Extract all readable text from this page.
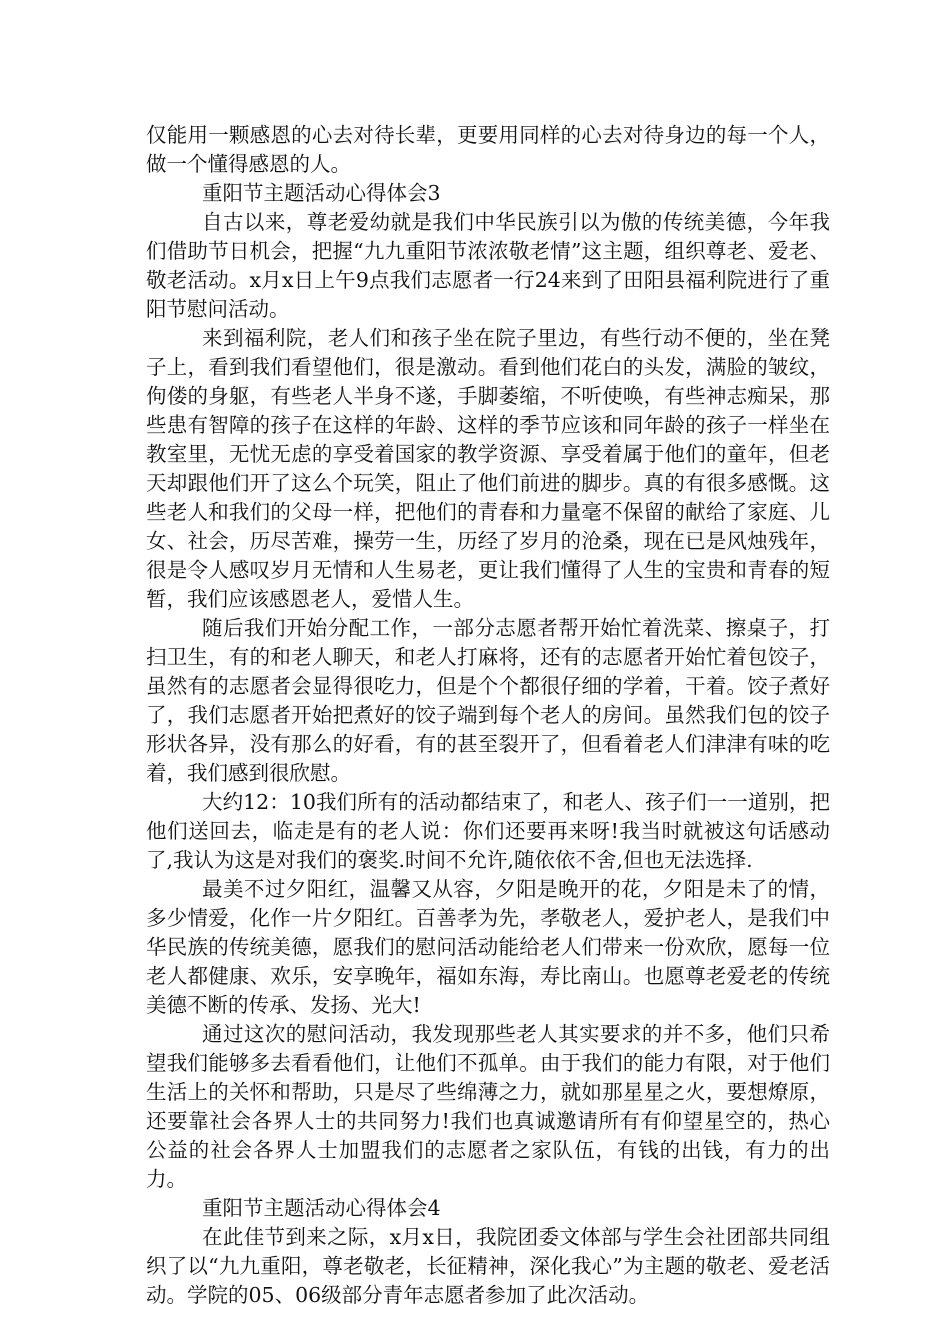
仅能用一颗感恩的心去对待长辈，更要用同样的心去对待身边的每一个人，做一个懂得感恩的人。

重阳节主题活动心得体会3

自古以来，尊老爱幼就是我们中华民族引以为傲的传统美德，今年我们借助节日机会，把握“九九重阳节浓浓敬老情”这主题，组织尊老、爱老、敬老活动。x月x日上午9点我们志愿者一行24来到了田阳县福利院进行了重阳节慰问活动。

来到福利院，老人们和孩子坐在院子里边，有些行动不便的，坐在凳子上，看到我们看望他们，很是激动。看到他们花白的头发，满脸的皱纹，佝偻的身躯，有些老人半身不遂，手脚萎缩，不听使唤，有些神志痴呆，那些患有智障的孩子在这样的年龄、这样的季节应该和同年龄的孩子一样坐在教室里，无忧无虑的享受着国家的教学资源、享受着属于他们的童年，但老天却跟他们开了这么个玩笑，阻止了他们前进的脚步。真的有很多感慨。这些老人和我们的父母一样，把他们的青春和力量毫不保留的献给了家庭、儿女、社会，历尽苦难，操劳一生，历经了岁月的沧桑，现在已是风烛残年，很是令人感叹岁月无情和人生易老，更让我们懂得了人生的宝贵和青春的短暂，我们应该感恩老人，爱惜人生。

随后我们开始分配工作，一部分志愿者帮开始忙着洗菜、擦桌子，打扫卫生，有的和老人聊天，和老人打麻将，还有的志愿者开始忙着包饺子，虽然有的志愿者会显得很吃力，但是个个都很仔细的学着，干着。饺子煮好了，我们志愿者开始把煮好的饺子端到每个老人的房间。虽然我们包的饺子形状各异，没有那么的好看，有的甚至裂开了，但看着老人们津津有味的吃着，我们感到很欣慰。

大约12：10我们所有的活动都结束了，和老人、孩子们一一道别，把他们送回去，临走是有的老人说：你们还要再来呀!我当时就被这句话感动了,我认为这是对我们的褒奖.时间不允许,随依依不舍,但也无法选择.

最美不过夕阳红，温馨又从容，夕阳是晚开的花，夕阳是未了的情，多少情爱，化作一片夕阳红。百善孝为先，孝敬老人，爱护老人，是我们中华民族的传统美德，愿我们的慰问活动能给老人们带来一份欢欣，愿每一位老人都健康、欢乐，安享晚年，福如东海，寿比南山。也愿尊老爱老的传统美德不断的传承、发扬、光大!

通过这次的慰问活动，我发现那些老人其实要求的并不多，他们只希望我们能够多去看看他们，让他们不孤单。由于我们的能力有限，对于他们生活上的关怀和帮助，只是尽了些绵薄之力，就如那星星之火，要想燎原，还要靠社会各界人士的共同努力!我们也真诚邀请所有有仰望星空的，热心公益的社会各界人士加盟我们的志愿者之家队伍，有钱的出钱，有力的出力。

重阳节主题活动心得体会4

在此佳节到来之际，x月x日，我院团委文体部与学生会社团部共同组织了以“九九重阳，尊老敬老，长征精神，深化我心”为主题的敬老、爱老活动。学院的05、06级部分青年志愿者参加了此次活动。
